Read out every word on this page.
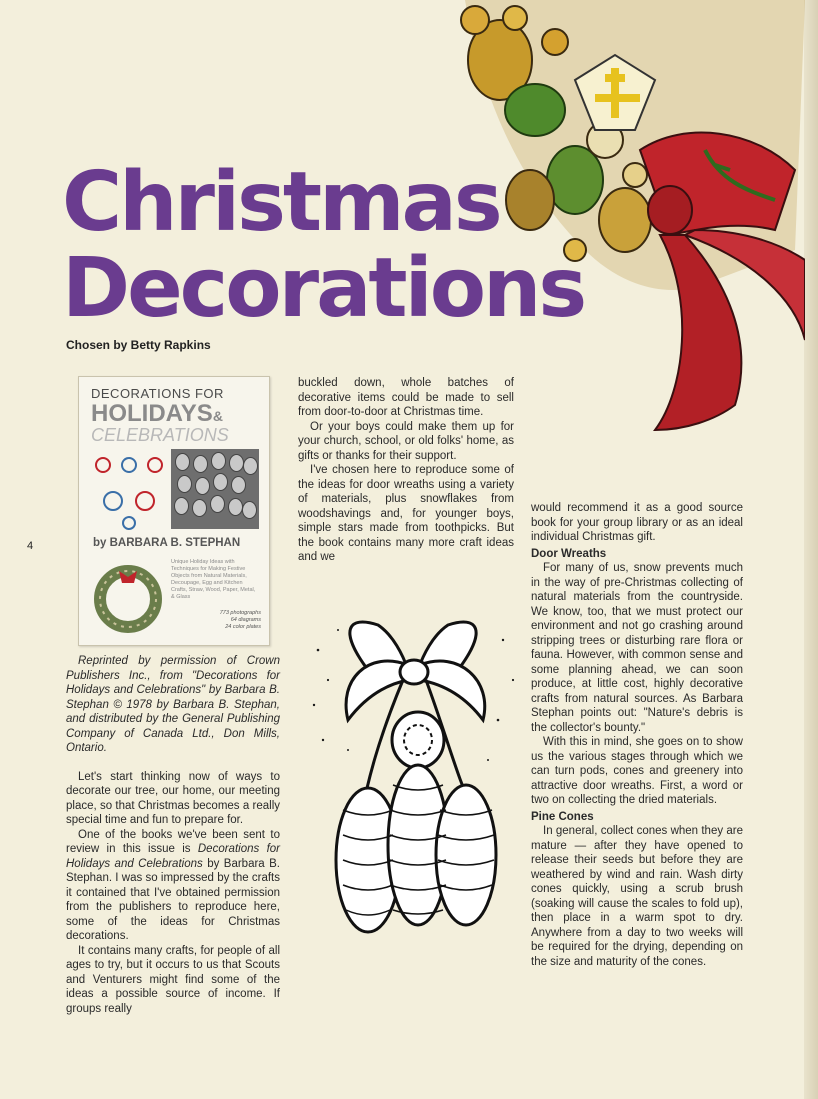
Christmas
Decorations
Chosen by Betty Rapkins
4
DECORATIONS FOR
HOLIDAYS&
CELEBRATIONS
by BARBARA B. STEPHAN
Unique Holiday Ideas with Techniques for Making Festive Objects from Natural Materials, Decoupage, Egg and Kitchen Crafts, Straw, Wood, Paper, Metal, & Glass
773 photographs
64 diagrams
24 color plates

Reprinted by permission of Crown Publishers Inc., from "Decorations for Holidays and Celebrations" by Barbara B. Stephan © 1978 by Barbara B. Stephan, and distributed by the General Publishing Company of Canada Ltd., Don Mills, Ontario.

Let's start thinking now of ways to decorate our tree, our home, our meeting place, so that Christmas becomes a really special time and fun to prepare for.

One of the books we've been sent to review in this issue is Decorations for Holidays and Celebrations by Barbara B. Stephan. I was so impressed by the crafts it contained that I've obtained permission from the publishers to reproduce here, some of the ideas for Christmas decorations.

It contains many crafts, for people of all ages to try, but it occurs to us that Scouts and Venturers might find some of the ideas a possible source of income. If groups really

buckled down, whole batches of decorative items could be made to sell from door-to-door at Christmas time.

Or your boys could make them up for your church, school, or old folks' home, as gifts or thanks for their support.

I've chosen here to reproduce some of the ideas for door wreaths using a variety of materials, plus snowflakes from woodshavings and, for younger boys, simple stars made from toothpicks. But the book contains many more craft ideas and we

would recommend it as a good source book for your group library or as an ideal individual Christmas gift.

Door Wreaths

For many of us, snow prevents much in the way of pre-Christmas collecting of natural materials from the countryside. We know, too, that we must protect our environment and not go crashing around stripping trees or disturbing rare flora or fauna. However, with common sense and some planning ahead, we can soon produce, at little cost, highly decorative crafts from natural sources. As Barbara Stephan points out: "Nature's debris is the collector's bounty."

With this in mind, she goes on to show us the various stages through which we can turn pods, cones and greenery into attractive door wreaths. First, a word or two on collecting the dried materials.

Pine Cones

In general, collect cones when they are mature — after they have opened to release their seeds but before they are weathered by wind and rain. Wash dirty cones quickly, using a scrub brush (soaking will cause the scales to fold up), then place in a warm spot to dry. Anywhere from a day to two weeks will be required for the drying, depending on the size and maturity of the cones.
